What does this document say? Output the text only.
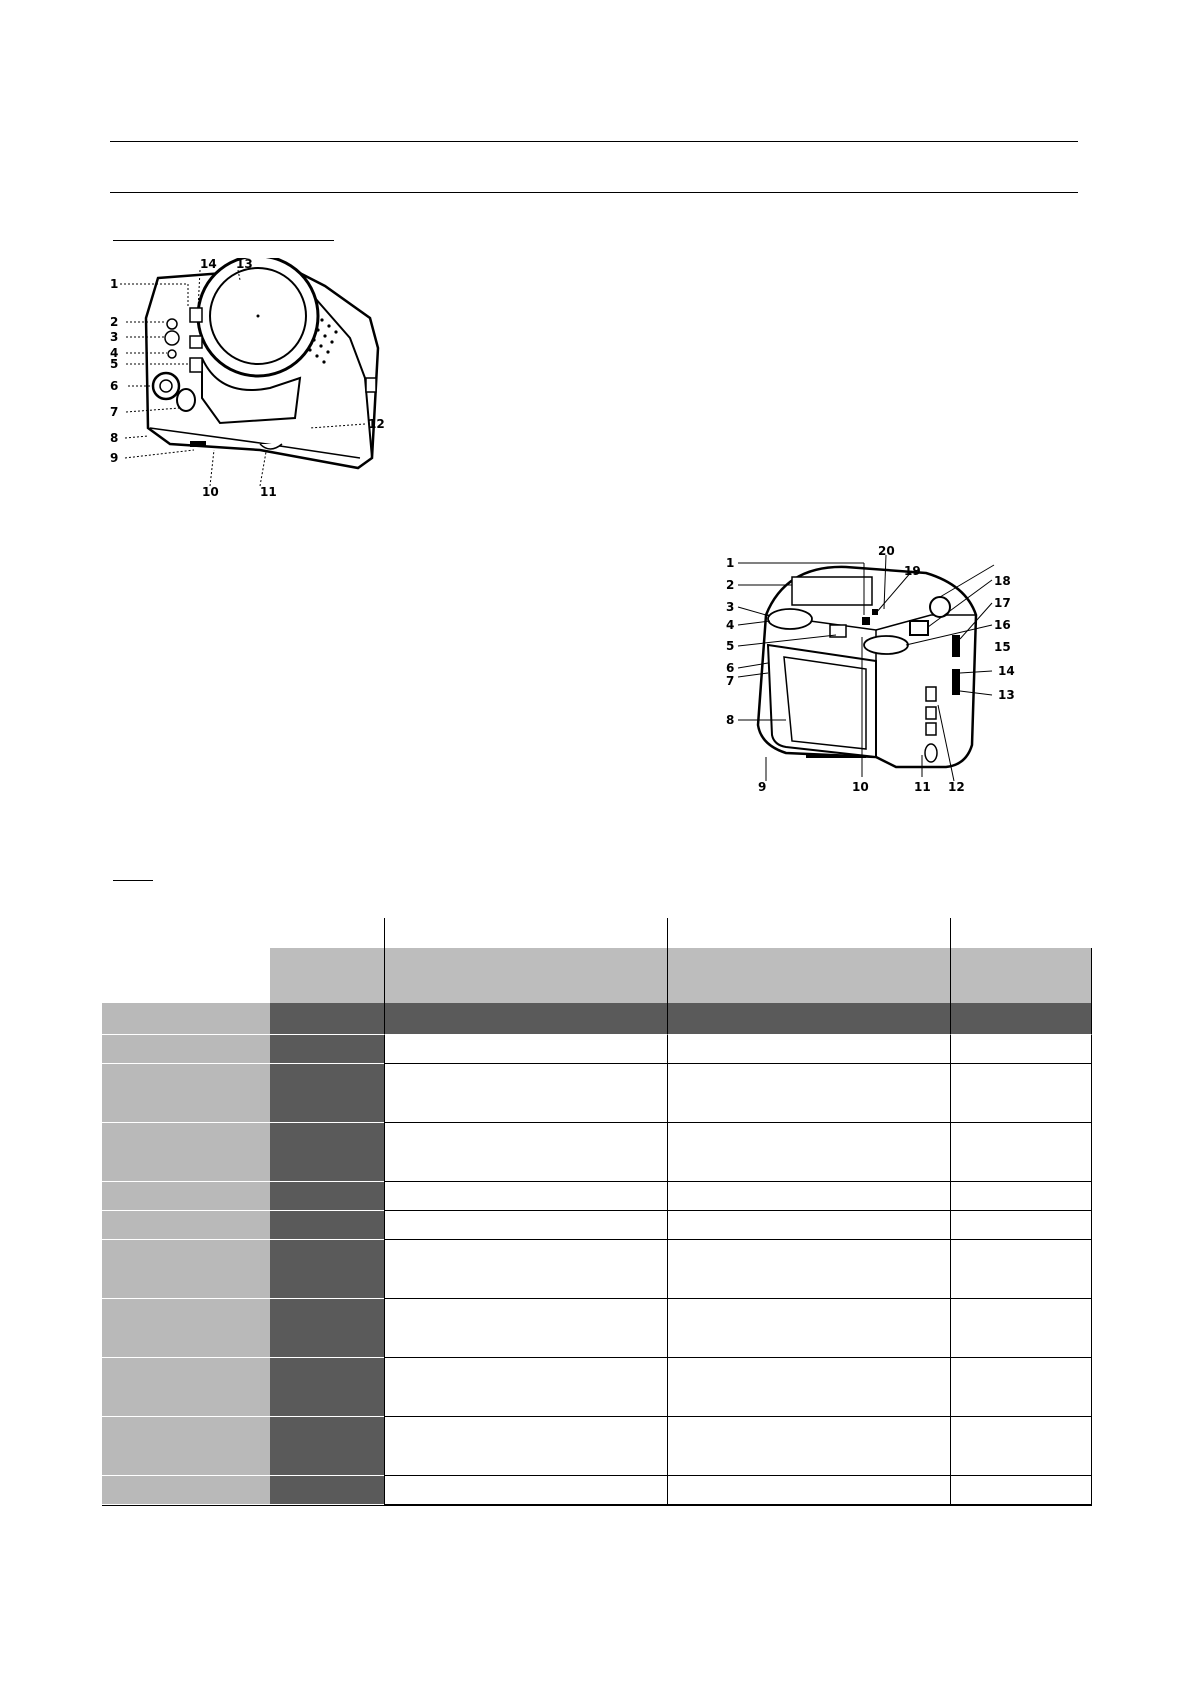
1
2
3
4
5
6
7
8
9
10	11
12
13
14
1
2
3
4
5
6
7
8
9	10	11 12
13
14
15
16
17
18
19
20
